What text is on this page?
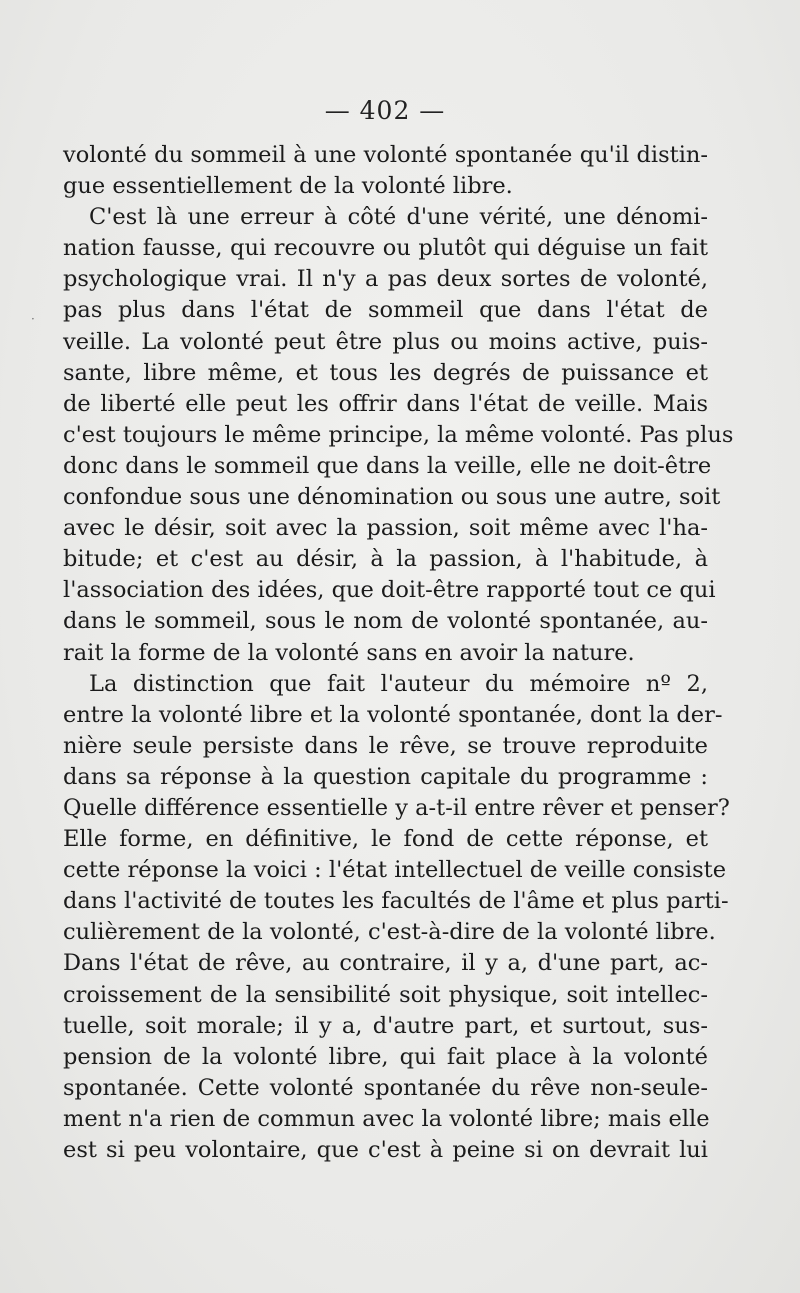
— 402 —
·
volonté du sommeil à une volonté spontanée qu'il distin-
gue essentiellement de la volonté libre.
C'est là une erreur à côté d'une vérité, une dénomi-
nation fausse, qui recouvre ou plutôt qui déguise un fait
psychologique vrai. Il n'y a pas deux sortes de volonté,
pas plus dans l'état de sommeil que dans l'état de
veille. La volonté peut être plus ou moins active, puis-
sante, libre même, et tous les degrés de puissance et
de liberté elle peut les offrir dans l'état de veille. Mais
c'est toujours le même principe, la même volonté. Pas plus
donc dans le sommeil que dans la veille, elle ne doit-être
confondue sous une dénomination ou sous une autre, soit
avec le désir, soit avec la passion, soit même avec l'ha-
bitude; et c'est au désir, à la passion, à l'habitude, à
l'association des idées, que doit-être rapporté tout ce qui
dans le sommeil, sous le nom de volonté spontanée, au-
rait la forme de la volonté sans en avoir la nature.
La distinction que fait l'auteur du mémoire nº 2,
entre la volonté libre et la volonté spontanée, dont la der-
nière seule persiste dans le rêve, se trouve reproduite
dans sa réponse à la question capitale du programme :
Quelle différence essentielle y a-t-il entre rêver et penser?
Elle forme, en définitive, le fond de cette réponse, et
cette réponse la voici : l'état intellectuel de veille consiste
dans l'activité de toutes les facultés de l'âme et plus parti-
culièrement de la volonté, c'est-à-dire de la volonté libre.
Dans l'état de rêve, au contraire, il y a, d'une part, ac-
croissement de la sensibilité soit physique, soit intellec-
tuelle, soit morale; il y a, d'autre part, et surtout, sus-
pension de la volonté libre, qui fait place à la volonté
spontanée. Cette volonté spontanée du rêve non-seule-
ment n'a rien de commun avec la volonté libre; mais elle
est si peu volontaire, que c'est à peine si on devrait lui
